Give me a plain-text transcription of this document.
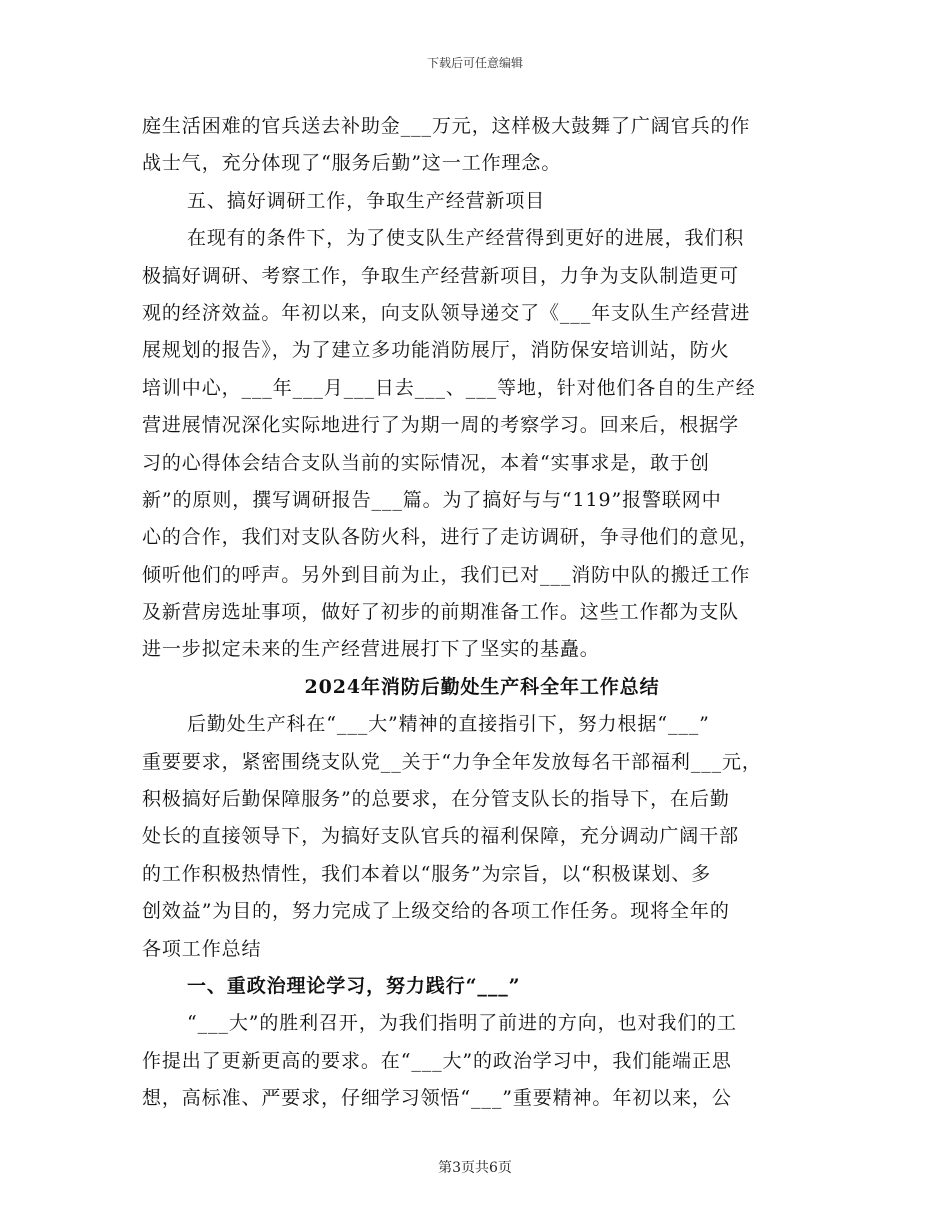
下载后可任意编辑
庭生活困难的官兵送去补助金___万元，这样极大鼓舞了广阔官兵的作
战士气，充分体现了“服务后勤”这一工作理念。
五、搞好调研工作，争取生产经营新项目
在现有的条件下，为了使支队生产经营得到更好的进展，我们积
极搞好调研、考察工作，争取生产经营新项目，力争为支队制造更可
观的经济效益。年初以来，向支队领导递交了《___年支队生产经营进
展规划的报告》，为了建立多功能消防展厅，消防保安培训站，防火
培训中心，___年___月___日去___、___等地，针对他们各自的生产经
营进展情况深化实际地进行了为期一周的考察学习。回来后，根据学
习的心得体会结合支队当前的实际情况，本着“实事求是，敢于创
新”的原则，撰写调研报告___篇。为了搞好与与“119”报警联网中
心的合作，我们对支队各防火科，进行了走访调研，争寻他们的意见，
倾听他们的呼声。另外到目前为止，我们已对___消防中队的搬迁工作
及新营房选址事项，做好了初步的前期准备工作。这些工作都为支队
进一步拟定未来的生产经营进展打下了坚实的基矗。
2024年消防后勤处生产科全年工作总结
后勤处生产科在“___大”精神的直接指引下，努力根据“___”
重要要求，紧密围绕支队党__关于“力争全年发放每名干部福利___元，
积极搞好后勤保障服务”的总要求，在分管支队长的指导下，在后勤
处长的直接领导下，为搞好支队官兵的福利保障，充分调动广阔干部
的工作积极热情性，我们本着以“服务”为宗旨，以“积极谋划、多
创效益”为目的，努力完成了上级交给的各项工作任务。现将全年的
各项工作总结
一、重政治理论学习，努力践行“___”
“___大”的胜利召开，为我们指明了前进的方向，也对我们的工
作提出了更新更高的要求。在“___大”的政治学习中，我们能端正思
想，高标准、严要求，仔细学习领悟“___”重要精神。年初以来，公
第3页共6页
